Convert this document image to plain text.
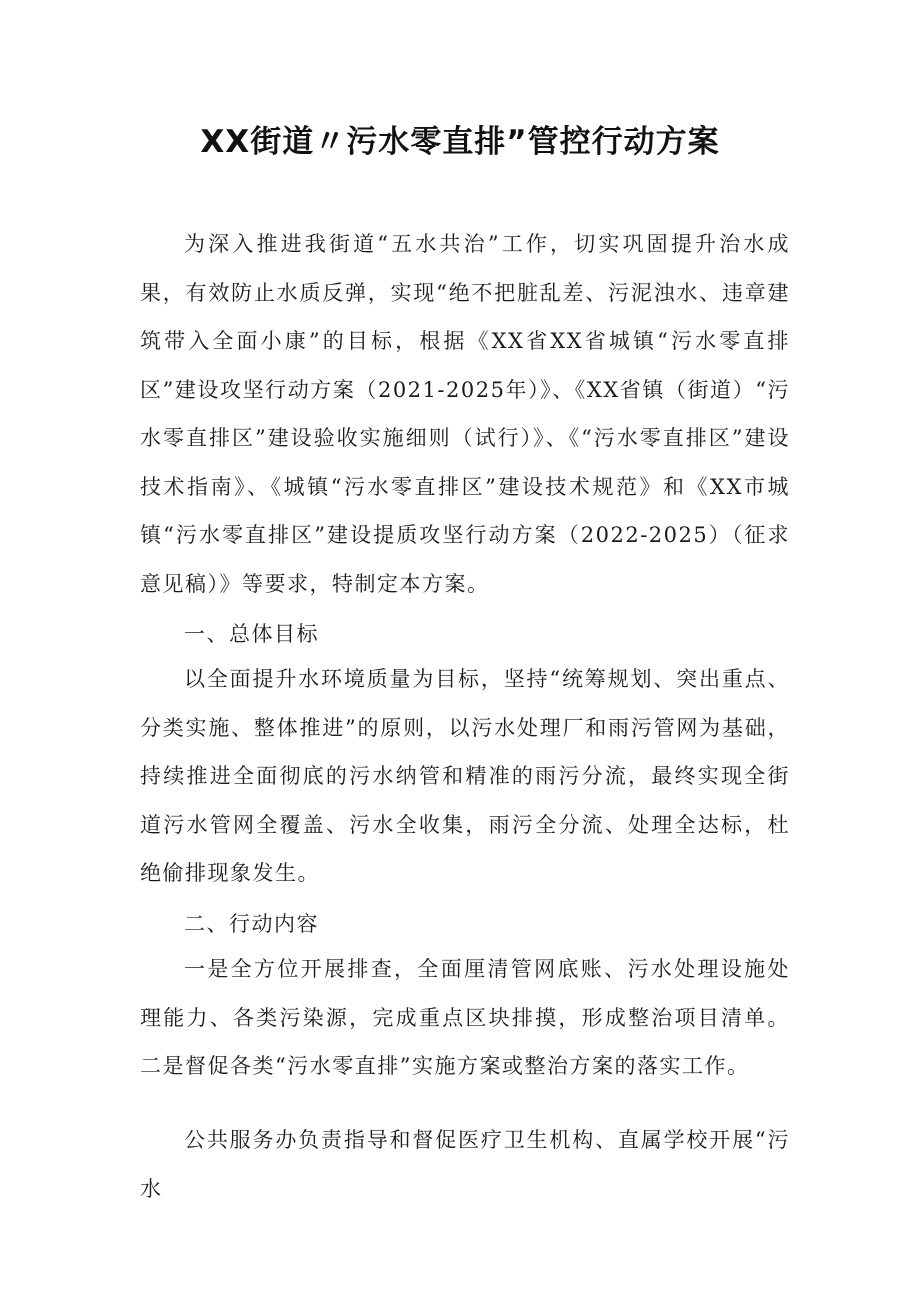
XX街道〃污水零直排”管控行动方案

为深入推进我街道“五水共治”工作，切实巩固提升治水成果，有效防止水质反弹，实现“绝不把脏乱差、污泥浊水、违章建筑带入全面小康”的目标，根据《XX省XX省城镇“污水零直排区”建设攻坚行动方案（2021-2025年）》、《XX省镇（街道）“污水零直排区”建设验收实施细则（试行）》、《“污水零直排区”建设技术指南》、《城镇“污水零直排区”建设技术规范》和《XX市城镇“污水零直排区”建设提质攻坚行动方案（2022-2025）（征求意见稿）》等要求，特制定本方案。

一、总体目标

以全面提升水环境质量为目标，坚持“统筹规划、突出重点、分类实施、整体推进”的原则，以污水处理厂和雨污管网为基础，持续推进全面彻底的污水纳管和精准的雨污分流，最终实现全街道污水管网全覆盖、污水全收集，雨污全分流、处理全达标，杜绝偷排现象发生。

二、行动内容

一是全方位开展排查，全面厘清管网底账、污水处理设施处理能力、各类污染源，完成重点区块排摸，形成整治项目清单。二是督促各类“污水零直排”实施方案或整治方案的落实工作。

公共服务办负责指导和督促医疗卫生机构、直属学校开展“污水
